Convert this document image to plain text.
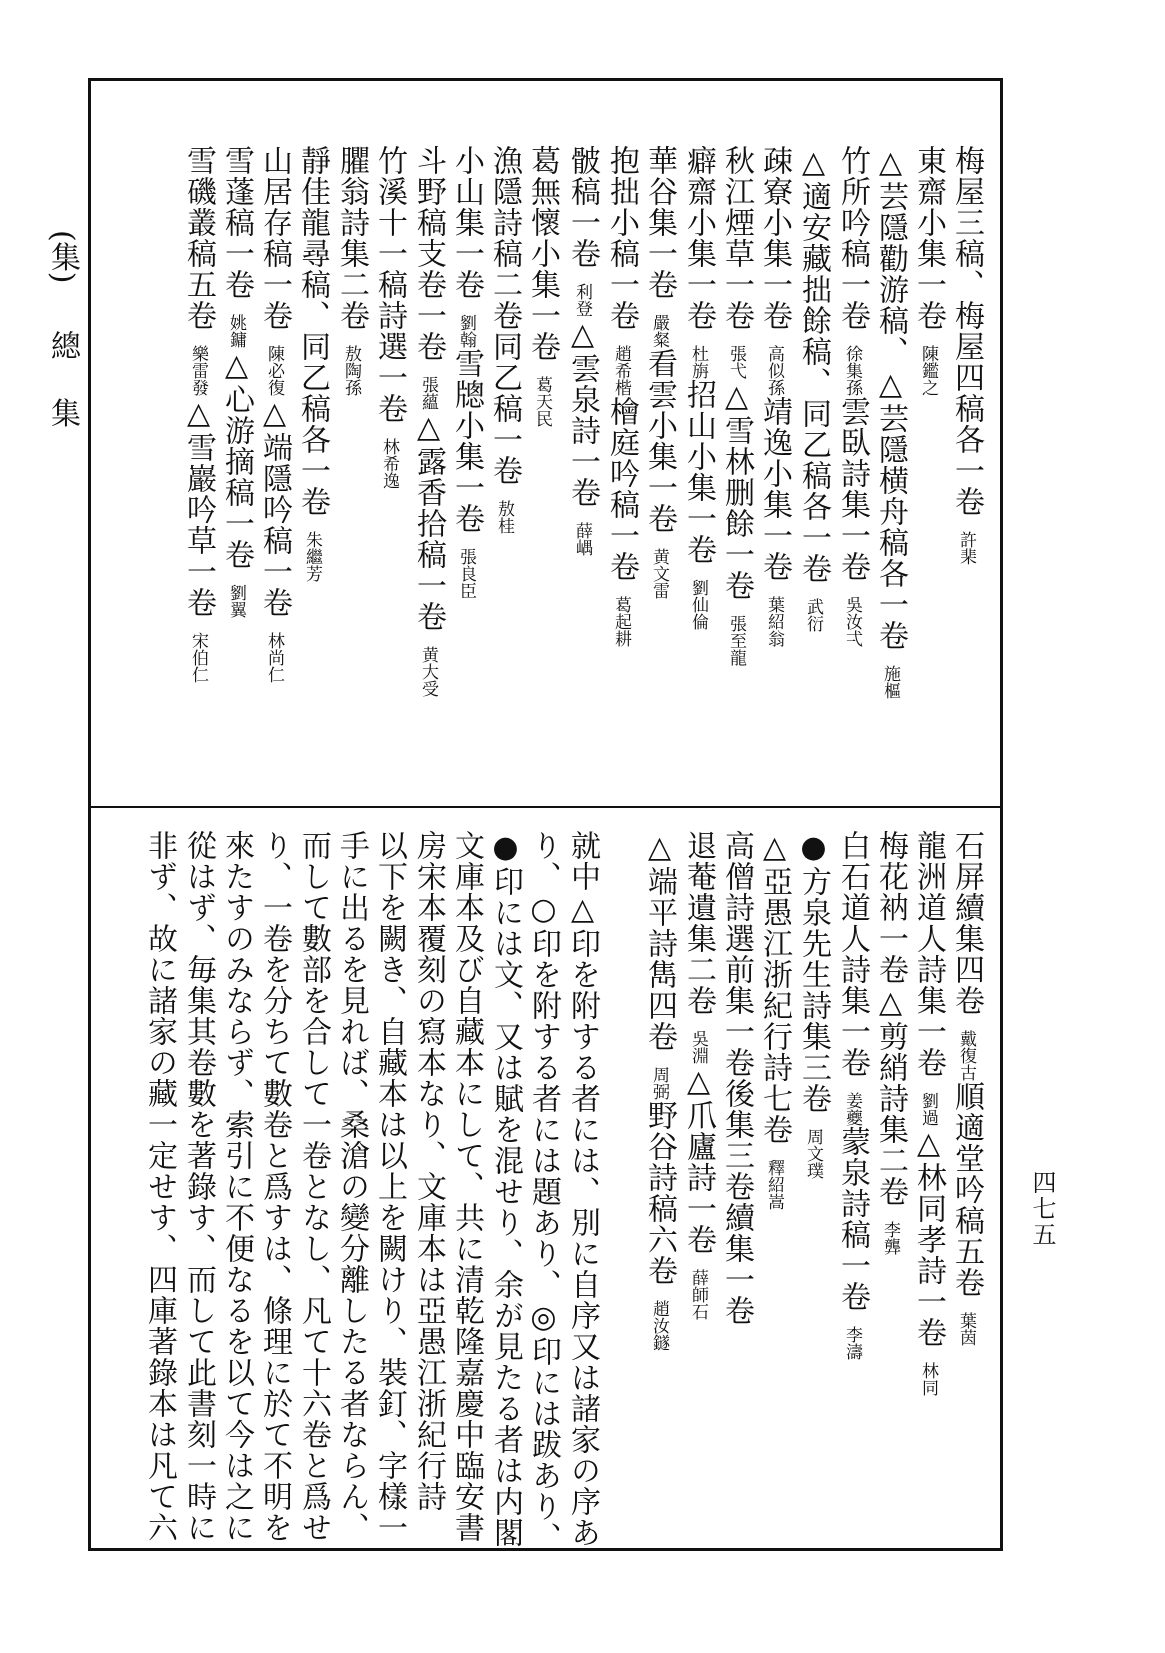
(集)
總 集
四七五
梅屋三稿、梅屋四稿各一卷許棐
東齋小集一卷陳鑑之
△芸隱勸游稿、△芸隱横舟稿各一卷施樞
竹所吟稿一卷徐集孫雲臥詩集一卷吳汝弌
△適安藏拙餘稿、同乙稿各一卷武衍
疎寮小集一卷高似孫靖逸小集一卷葉紹翁
秋江煙草一卷張弋△雪林删餘一卷張至龍
癖齋小集一卷杜旃招山小集一卷劉仙倫
華谷集一卷嚴粲看雲小集一卷黄文雷
抱拙小稿一卷趙希楷檜庭吟稿一卷葛起耕
骳稿一卷利登△雲泉詩一卷薛嵎
葛無懷小集一卷葛天民
漁隱詩稿二卷同乙稿一卷敖桂
小山集一卷劉翰雪牕小集一卷張良臣
斗野稿支卷一卷張蘊△露香拾稿一卷黄大受
竹溪十一稿詩選一卷林希逸
臞翁詩集二卷敖陶孫
靜佳龍尋稿、同乙稿各一卷朱繼芳
山居存稿一卷陳必復△端隱吟稿一卷林尚仁
雪蓬稿一卷姚鏞△心游摘稿一卷劉翼
雪磯叢稿五卷樂雷發△雪巖吟草一卷宋伯仁
石屏續集四卷戴復古順適堂吟稿五卷葉茵
龍洲道人詩集一卷劉過△林同孝詩一卷林同
梅花衲一卷△剪綃詩集二卷李龏
白石道人詩集一卷姜夔蒙泉詩稿一卷李濤
●方泉先生詩集三卷周文璞
△亞愚江浙紀行詩七卷釋紹嵩
高僧詩選前集一卷後集三卷續集一卷
退菴遺集二卷吳淵△爪廬詩一卷薛師石
△端平詩雋四卷周弼野谷詩稿六卷趙汝鐩
就中△印を附する者には、別に自序又は諸家の序あ
り、○印を附する者には題あり、◎印には跋あり、
●印には文、又は賦を混せり、余が見たる者は内閣
文庫本及び自藏本にして、共に清乾隆嘉慶中臨安書
房宋本覆刻の寫本なり、文庫本は亞愚江浙紀行詩
以下を闕き、自藏本は以上を闕けり、裝釘、字樣一
手に出るを見れば、桑滄の變分離したる者ならん、
而して數部を合して一卷となし、凡て十六卷と爲せ
り、一卷を分ちて數卷と爲すは、條理に於て不明を
來たすのみならず、索引に不便なるを以て今は之に
從はず、毎集其卷數を著錄す、而して此書刻一時に
非ず、故に諸家の藏一定せす、四庫著錄本は凡て六
